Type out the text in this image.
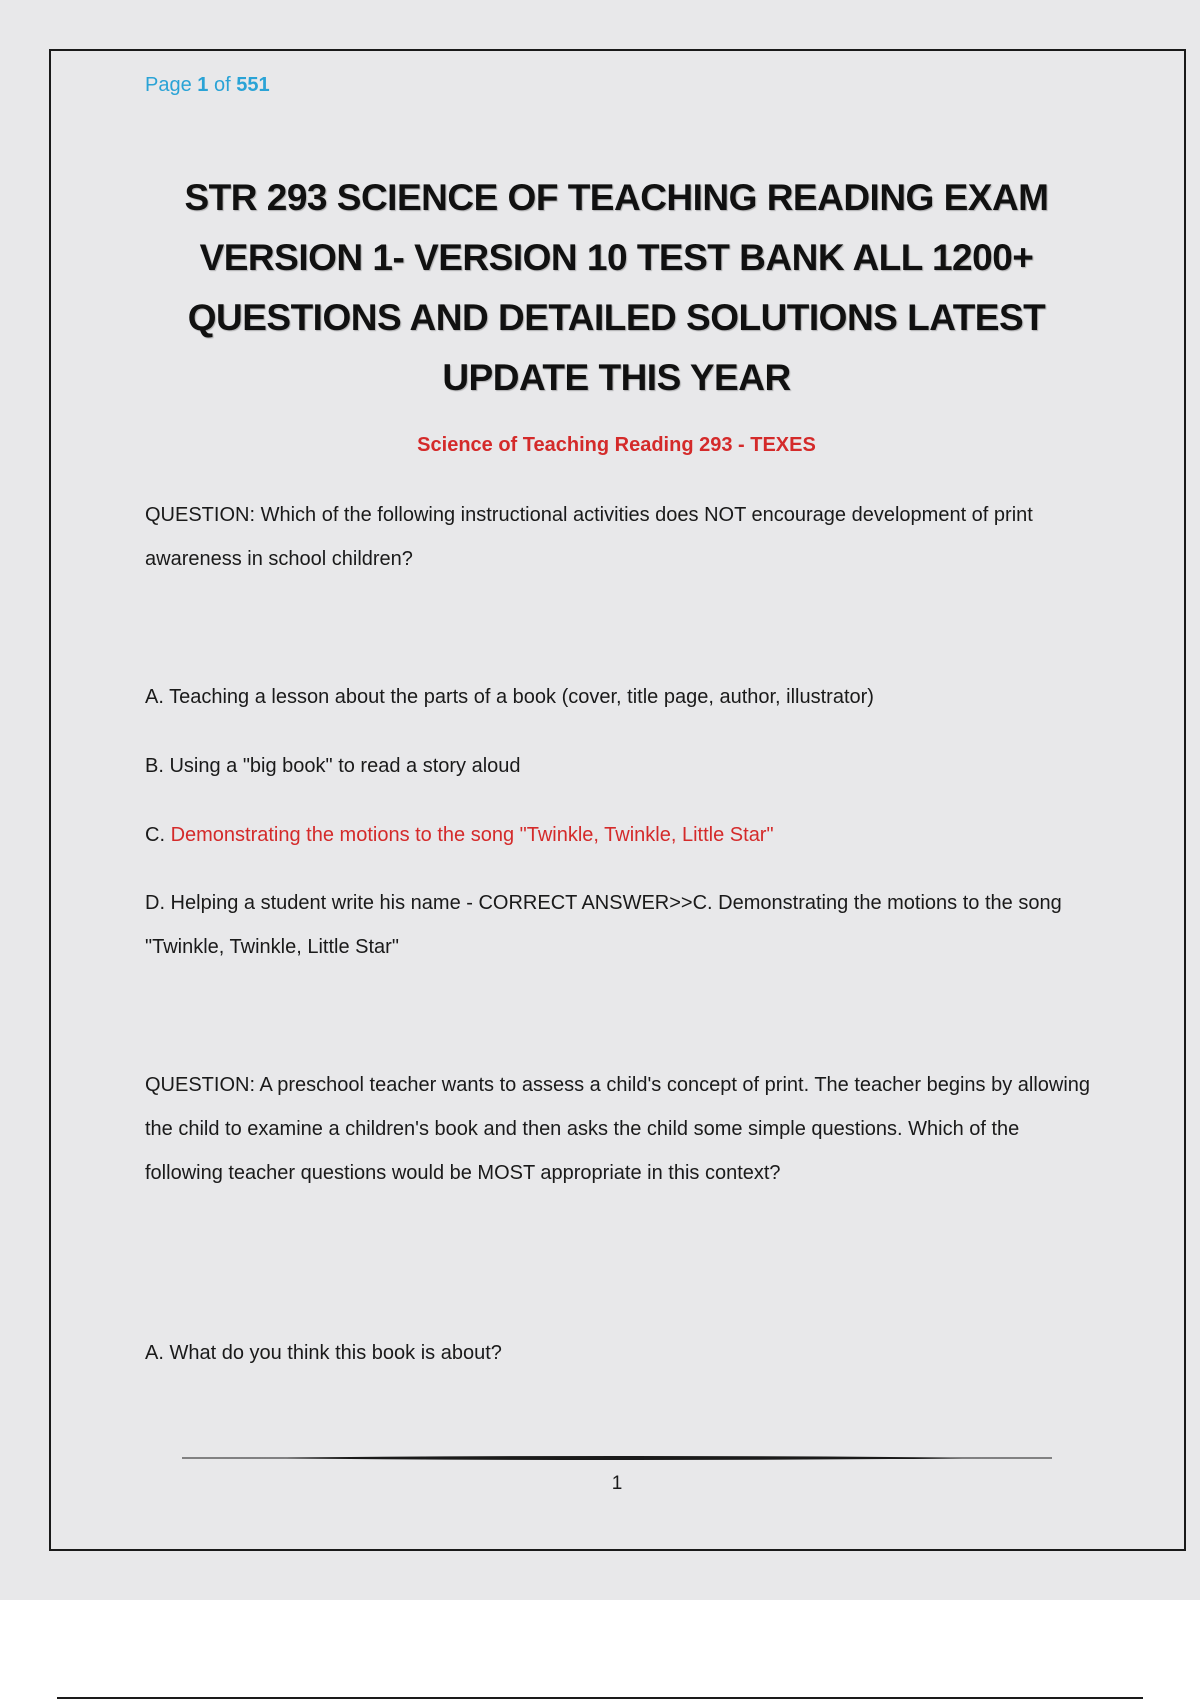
Page 1 of 551
STR 293 SCIENCE OF TEACHING READING EXAM VERSION 1- VERSION 10 TEST BANK ALL 1200+ QUESTIONS AND DETAILED SOLUTIONS LATEST UPDATE THIS YEAR
Science of Teaching Reading 293 - TEXES
QUESTION: Which of the following instructional activities does NOT encourage development of print awareness in school children?
A. Teaching a lesson about the parts of a book (cover, title page, author, illustrator)
B. Using a "big book" to read a story aloud
C. Demonstrating the motions to the song "Twinkle, Twinkle, Little Star"
D. Helping a student write his name - CORRECT ANSWER>>C. Demonstrating the motions to the song "Twinkle, Twinkle, Little Star"
QUESTION: A preschool teacher wants to assess a child's concept of print. The teacher begins by allowing the child to examine a children's book and then asks the child some simple questions. Which of the following teacher questions would be MOST appropriate in this context?
A. What do you think this book is about?
1
